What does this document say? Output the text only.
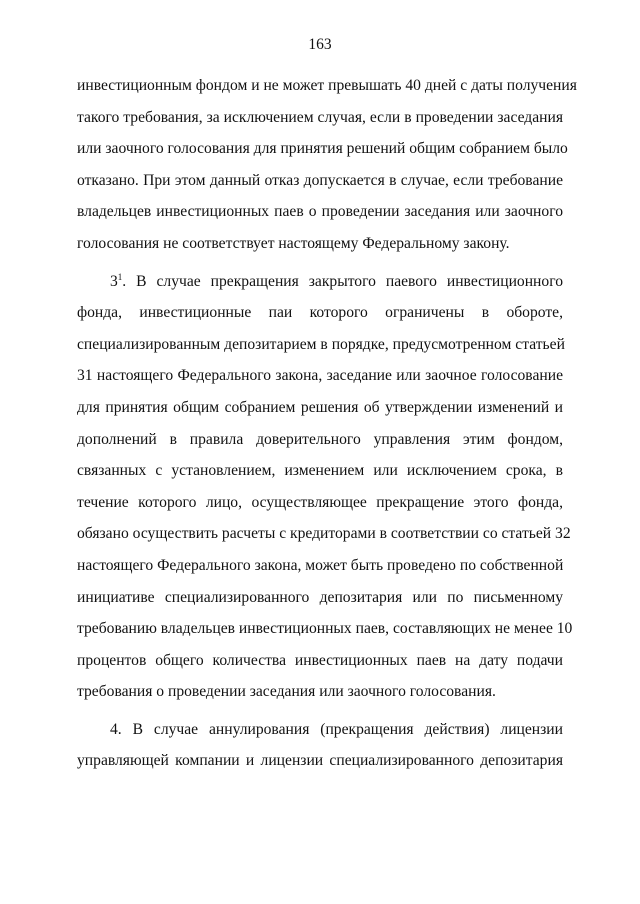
163
инвестиционным фондом и не может превышать 40 дней с даты получения
такого требования, за исключением случая, если в проведении заседания
или заочного голосования для принятия решений общим собранием было
отказано. При этом данный отказ допускается в случае, если требование
владельцев инвестиционных паев о проведении заседания или заочного
голосования не соответствует настоящему Федеральному закону.
$3^1$. В случае прекращения закрытого паевого инвестиционного
фонда, инвестиционные паи которого ограничены в обороте,
специализированным депозитарием в порядке, предусмотренном статьей
31 настоящего Федерального закона, заседание или заочное голосование
для принятия общим собранием решения об утверждении изменений и
дополнений в правила доверительного управления этим фондом,
связанных с установлением, изменением или исключением срока, в
течение которого лицо, осуществляющее прекращение этого фонда,
обязано осуществить расчеты с кредиторами в соответствии со статьей 32
настоящего Федерального закона, может быть проведено по собственной
инициативе специализированного депозитария или по письменному
требованию владельцев инвестиционных паев, составляющих не менее 10
процентов общего количества инвестиционных паев на дату подачи
требования о проведении заседания или заочного голосования.
4. В случае аннулирования (прекращения действия) лицензии
управляющей компании и лицензии специализированного депозитария
